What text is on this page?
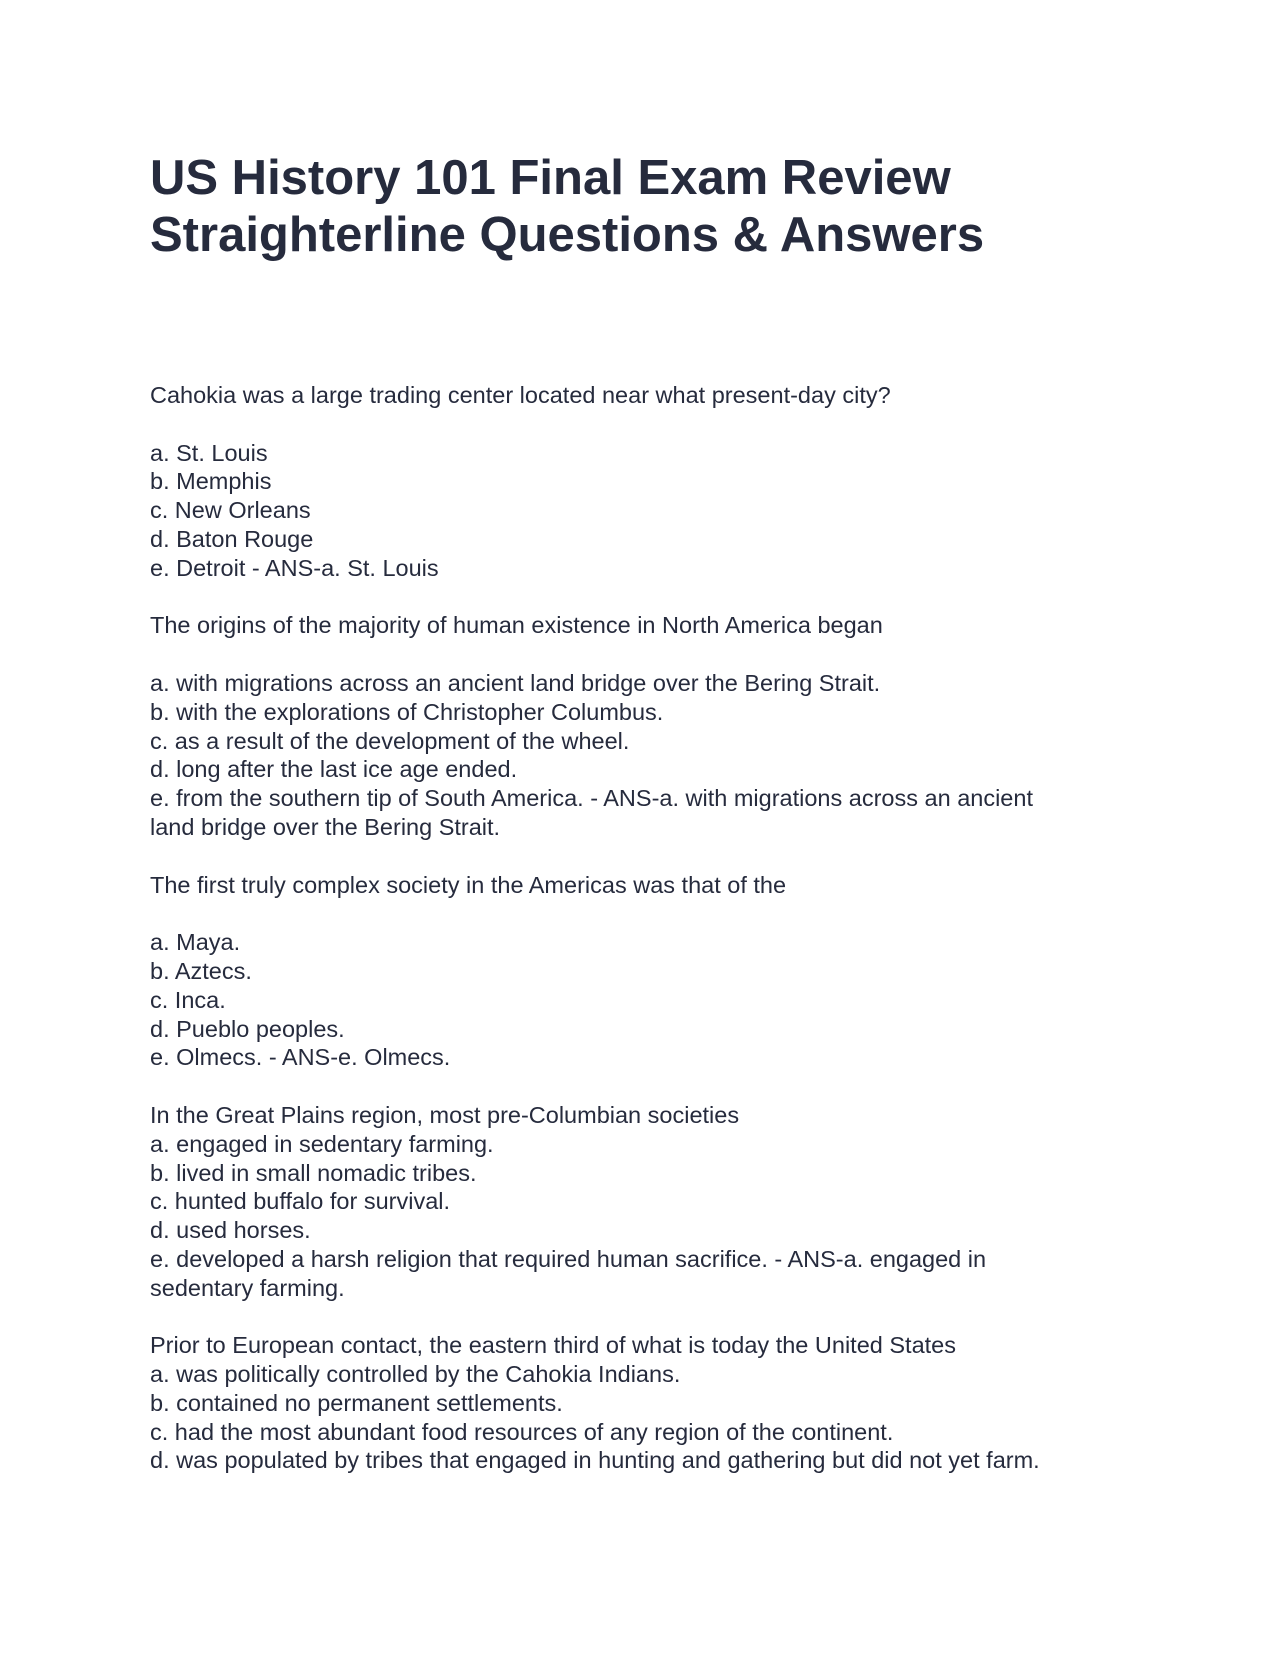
US History 101 Final Exam Review
Straighterline Questions & Answers
Cahokia was a large trading center located near what present-day city?
a. St. Louis
b. Memphis
c. New Orleans
d. Baton Rouge
e. Detroit - ANS-a. St. Louis
The origins of the majority of human existence in North America began
a. with migrations across an ancient land bridge over the Bering Strait.
b. with the explorations of Christopher Columbus.
c. as a result of the development of the wheel.
d. long after the last ice age ended.
e. from the southern tip of South America. - ANS-a. with migrations across an ancient
land bridge over the Bering Strait.
The first truly complex society in the Americas was that of the
a. Maya.
b. Aztecs.
c. Inca.
d. Pueblo peoples.
e. Olmecs. - ANS-e. Olmecs.
In the Great Plains region, most pre-Columbian societies
a. engaged in sedentary farming.
b. lived in small nomadic tribes.
c. hunted buffalo for survival.
d. used horses.
e. developed a harsh religion that required human sacrifice. - ANS-a. engaged in
sedentary farming.
Prior to European contact, the eastern third of what is today the United States
a. was politically controlled by the Cahokia Indians.
b. contained no permanent settlements.
c. had the most abundant food resources of any region of the continent.
d. was populated by tribes that engaged in hunting and gathering but did not yet farm.
